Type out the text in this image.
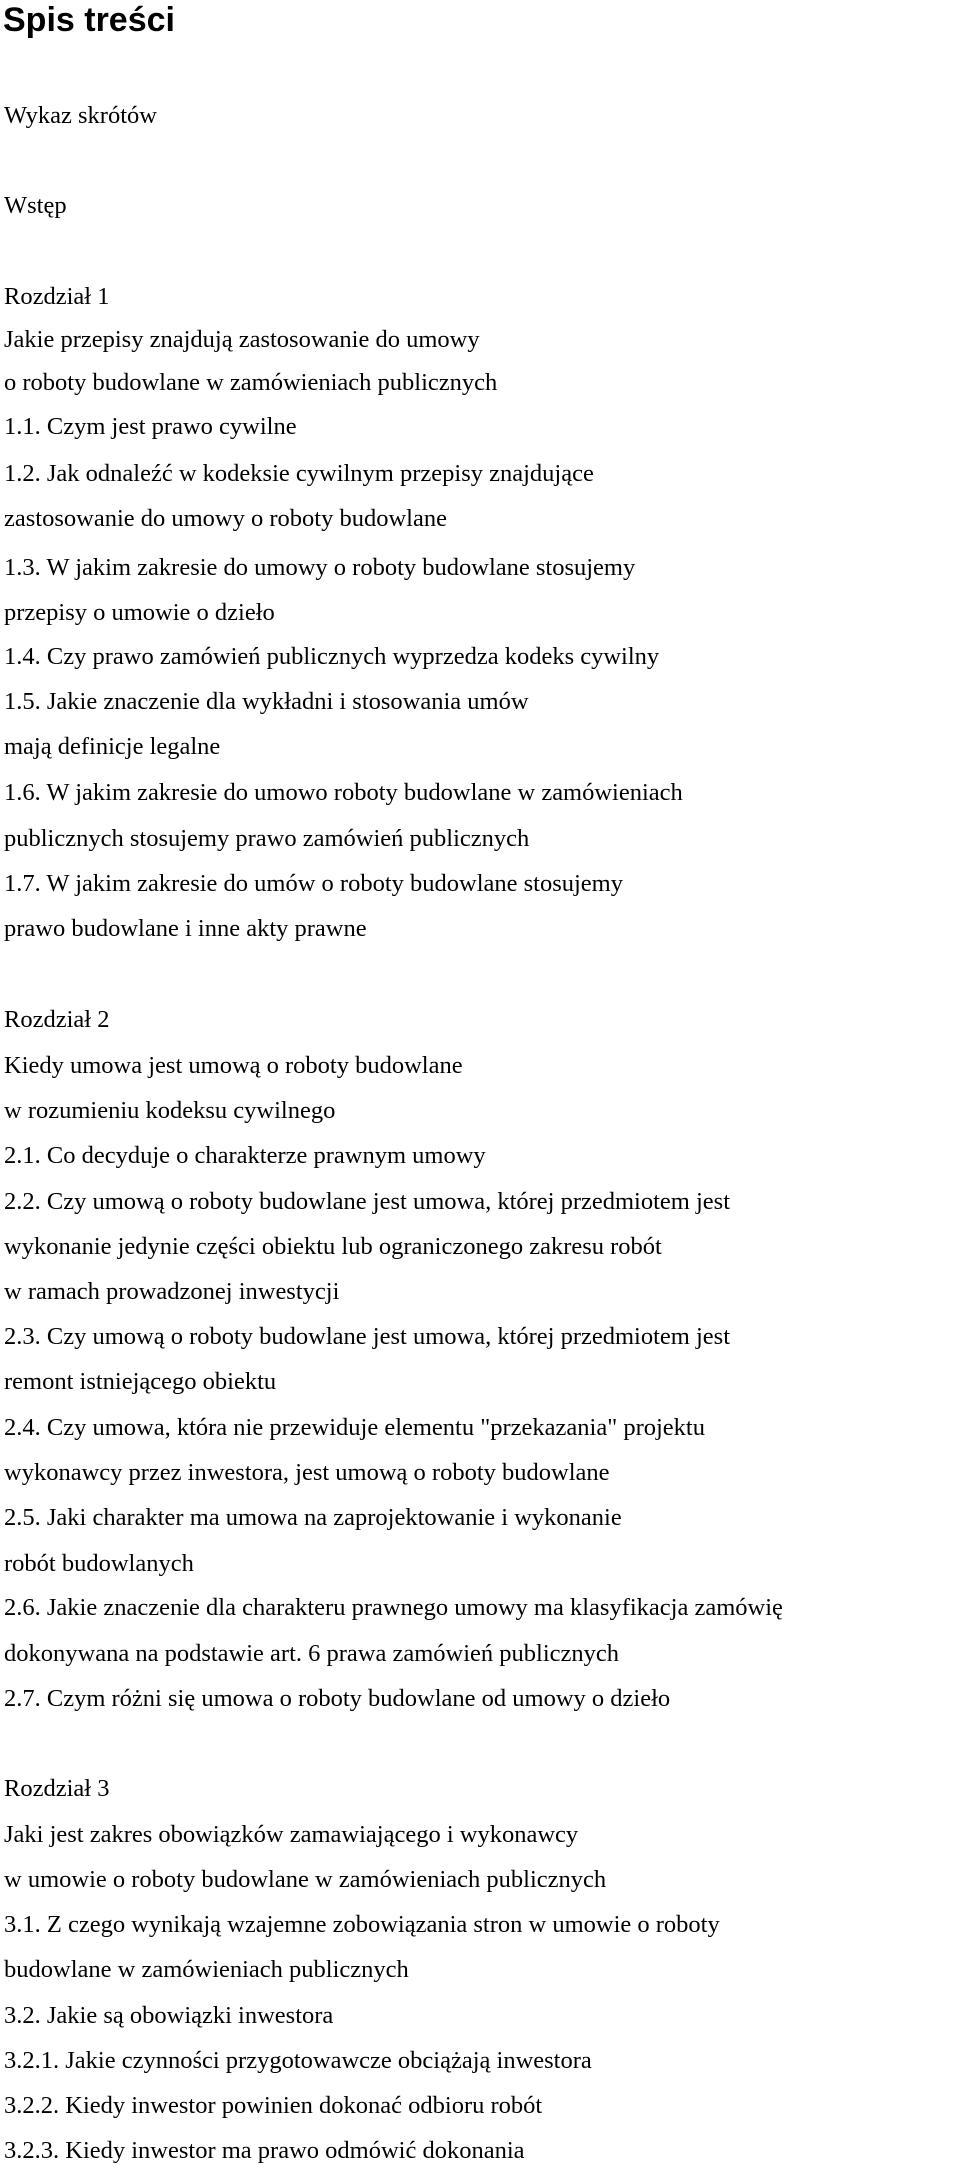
Spis treści

Wykaz skrótów

Wstęp

Rozdział 1

Jakie przepisy znajdują zastosowanie do umowy

o roboty budowlane w zamówieniach publicznych

1.1. Czym jest prawo cywilne

1.2. Jak odnaleźć w kodeksie cywilnym przepisy znajdujące

zastosowanie do umowy o roboty budowlane

1.3. W jakim zakresie do umowy o roboty budowlane stosujemy

przepisy o umowie o dzieło

1.4. Czy prawo zamówień publicznych wyprzedza kodeks cywilny

1.5. Jakie znaczenie dla wykładni i stosowania umów

mają definicje legalne

1.6. W jakim zakresie do umowo roboty budowlane w zamówieniach

publicznych stosujemy prawo zamówień publicznych

1.7. W jakim zakresie do umów o roboty budowlane stosujemy

prawo budowlane i inne akty prawne

Rozdział 2

Kiedy umowa jest umową o roboty budowlane

w rozumieniu kodeksu cywilnego

2.1. Co decyduje o charakterze prawnym umowy

2.2. Czy umową o roboty budowlane jest umowa, której przedmiotem jest

wykonanie jedynie części obiektu lub ograniczonego zakresu robót

w ramach prowadzonej inwestycji

2.3. Czy umową o roboty budowlane jest umowa, której przedmiotem jest

remont istniejącego obiektu

2.4. Czy umowa, która nie przewiduje elementu "przekazania" projektu

wykonawcy przez inwestora, jest umową o roboty budowlane

2.5. Jaki charakter ma umowa na zaprojektowanie i wykonanie

robót budowlanych

2.6. Jakie znaczenie dla charakteru prawnego umowy ma klasyfikacja zamówię

dokonywana na podstawie art. 6 prawa zamówień publicznych

2.7. Czym różni się umowa o roboty budowlane od umowy o dzieło

Rozdział 3

Jaki jest zakres obowiązków zamawiającego i wykonawcy

w umowie o roboty budowlane w zamówieniach publicznych

3.1. Z czego wynikają wzajemne zobowiązania stron w umowie o roboty

budowlane w zamówieniach publicznych

3.2. Jakie są obowiązki inwestora

3.2.1. Jakie czynności przygotowawcze obciążają inwestora

3.2.2. Kiedy inwestor powinien dokonać odbioru robót

3.2.3. Kiedy inwestor ma prawo odmówić dokonania
